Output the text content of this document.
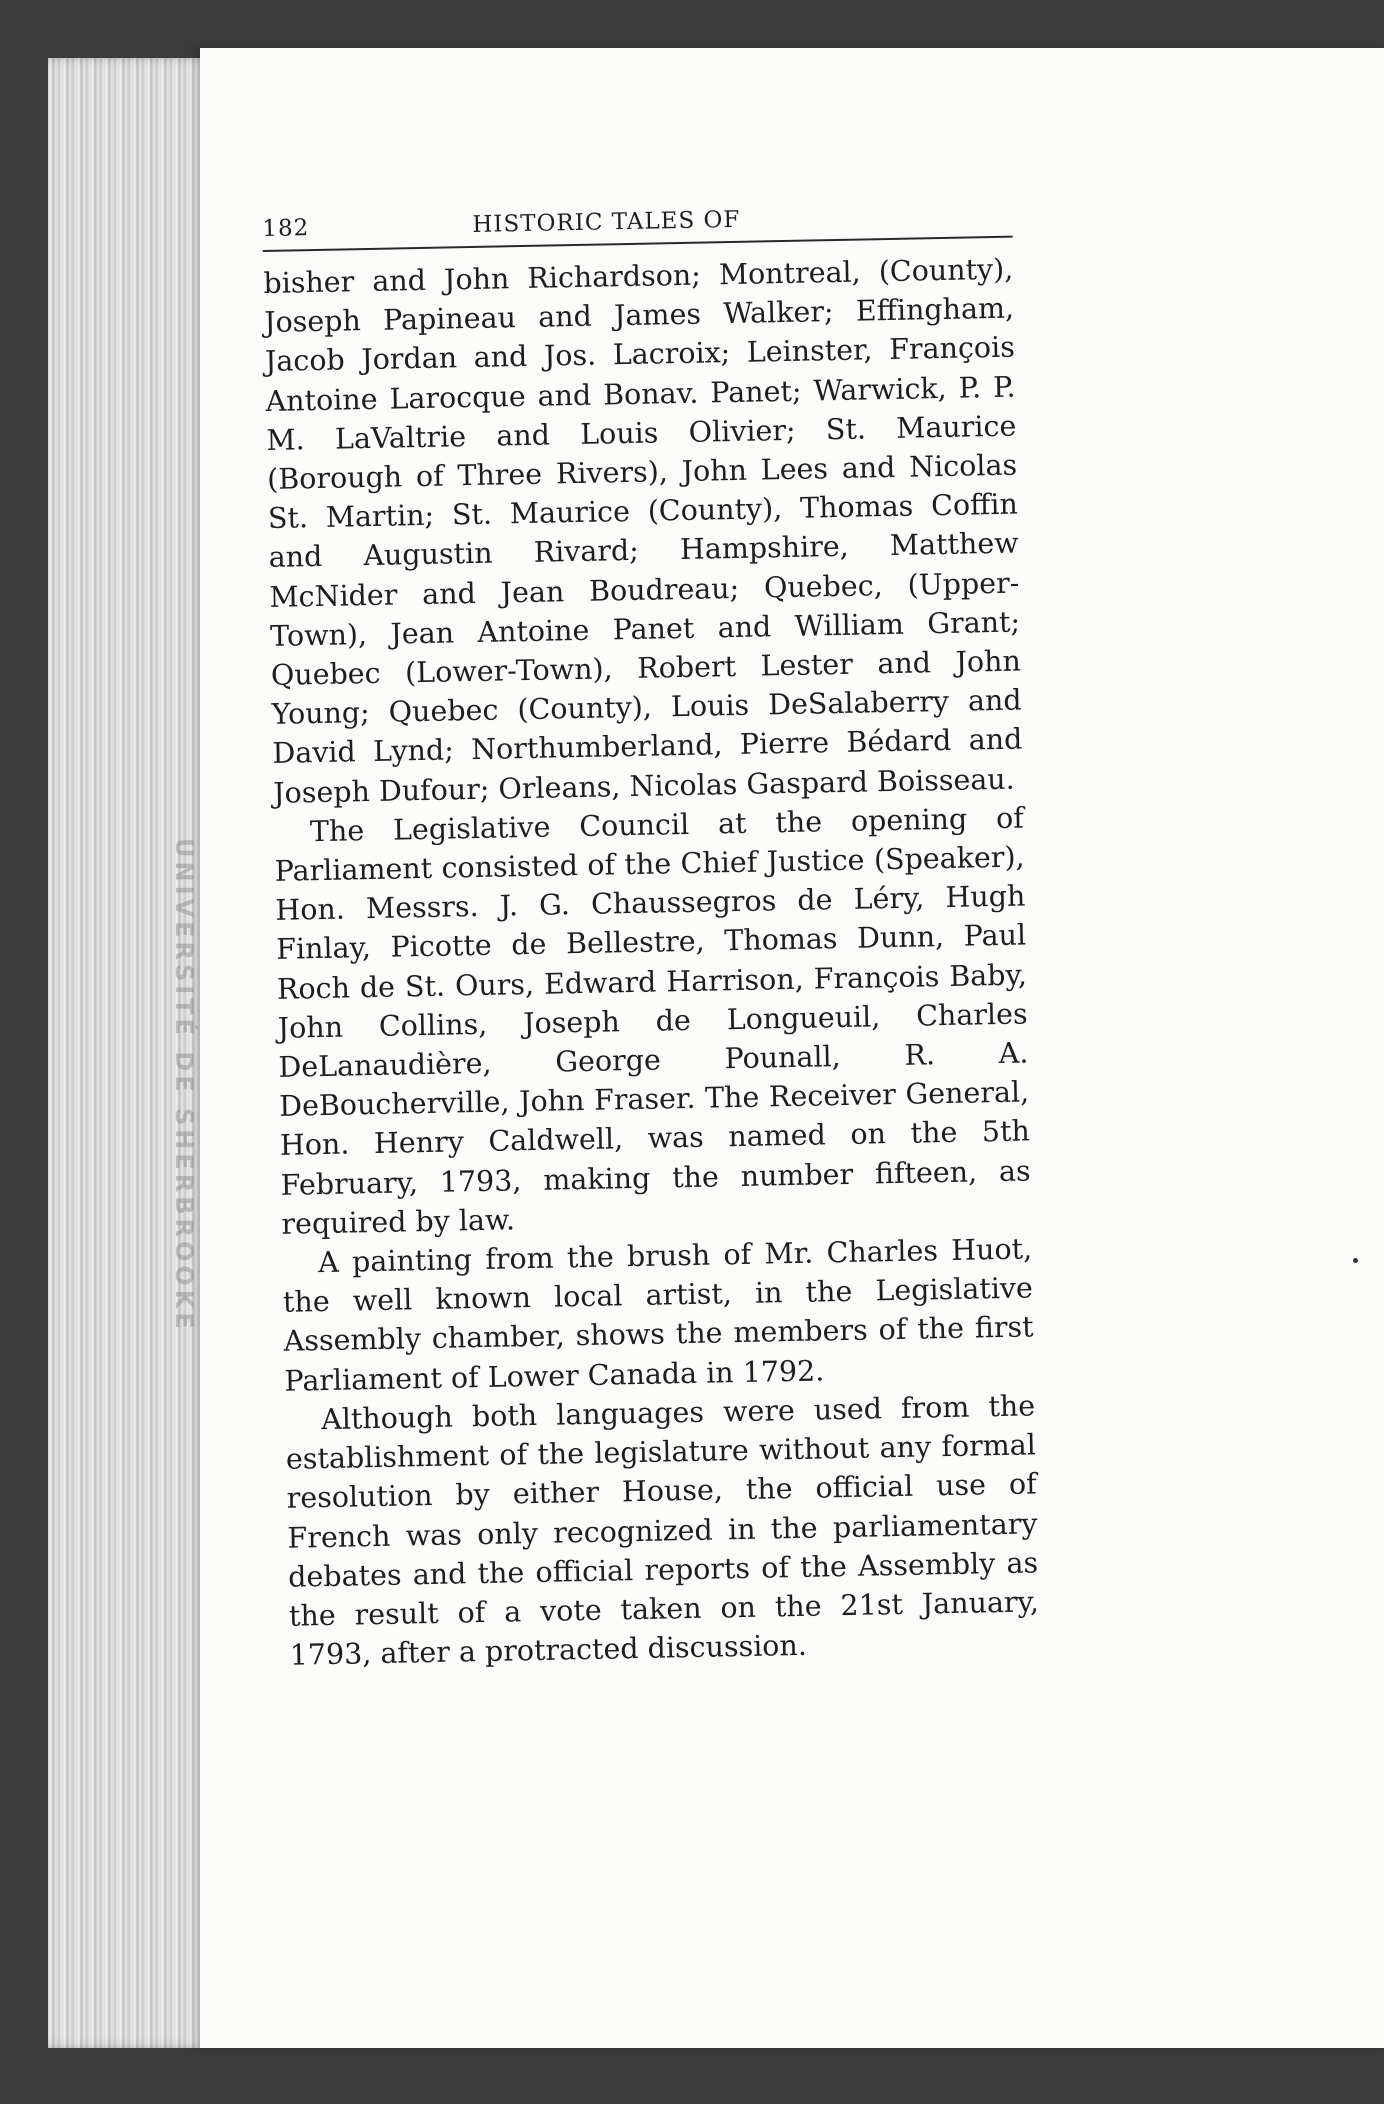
UNIVERSITÉ DE SHERBROOKE
182	HISTORIC TALES OF

bisher and John Richardson; Montreal, (County), Joseph Papineau and James Walker; Effingham, Jacob Jordan and Jos. Lacroix; Leinster, François Antoine Larocque and Bonav. Panet; Warwick, P. P. M. LaValtrie and Louis Olivier; St. Maurice (Borough of Three Rivers), John Lees and Nicolas St. Martin; St. Maurice (County), Thomas Coffin and Augustin Rivard; Hampshire, Matthew McNider and Jean Boudreau; Quebec, (Upper-Town), Jean Antoine Panet and William Grant; Quebec (Lower-Town), Robert Lester and John Young; Quebec (County), Louis DeSalaberry and David Lynd; Northumberland, Pierre Bédard and Joseph Dufour; Orleans, Nicolas Gaspard Boisseau.

The Legislative Council at the opening of Parliament consisted of the Chief Justice (Speaker), Hon. Messrs. J. G. Chaussegros de Léry, Hugh Finlay, Picotte de Bellestre, Thomas Dunn, Paul Roch de St. Ours, Edward Harrison, François Baby, John Collins, Joseph de Longueuil, Charles DeLanaudière, George Pounall, R. A. DeBoucherville, John Fraser. The Receiver General, Hon. Henry Caldwell, was named on the 5th February, 1793, making the number fifteen, as required by law.

A painting from the brush of Mr. Charles Huot, the well known local artist, in the Legislative Assembly chamber, shows the members of the first Parliament of Lower Canada in 1792.

Although both languages were used from the establishment of the legislature without any formal resolution by either House, the official use of French was only recognized in the parliamentary debates and the official reports of the Assembly as the result of a vote taken on the 21st January, 1793, after a protracted discussion.
